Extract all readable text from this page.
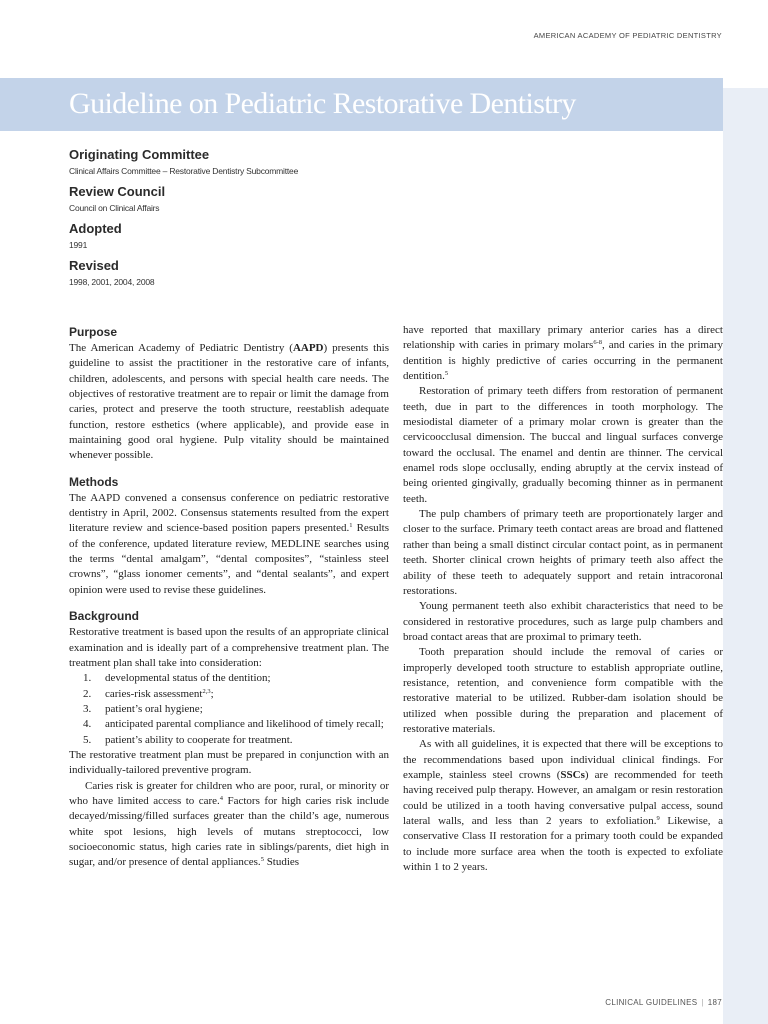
AMERICAN ACADEMY OF PEDIATRIC DENTISTRY
Guideline on Pediatric Restorative Dentistry
Originating Committee
Clinical Affairs Committee – Restorative Dentistry Subcommittee
Review Council
Council on Clinical Affairs
Adopted
1991
Revised
1998, 2001, 2004, 2008
Purpose

The American Academy of Pediatric Dentistry (AAPD) presents this guideline to assist the practitioner in the restorative care of infants, children, adolescents, and persons with special health care needs. The objectives of restorative treatment are to repair or limit the damage from caries, protect and preserve the tooth structure, reestablish adequate function, restore esthetics (where applicable), and provide ease in maintaining good oral hygiene. Pulp vitality should be maintained whenever possible.

Methods

The AAPD convened a consensus conference on pediatric restorative dentistry in April, 2002. Consensus statements resulted from the expert literature review and science-based position papers presented.$^1$ Results of the conference, updated literature review, MEDLINE searches using the terms “dental amalgam”, “dental composites”, “stainless steel crowns”, “glass ionomer cements”, and “dental sealants”, and expert opinion were used to revise these guidelines.

Background

Restorative treatment is based upon the results of an appropriate clinical examination and is ideally part of a comprehensive treatment plan. The treatment plan shall take into consideration:

1.	developmental status of the dentition;
2.	caries-risk assessment$^{2,3}$;
3.	patient’s oral hygiene;
4.	anticipated parental compliance and likelihood of timely recall;
5.	patient’s ability to cooperate for treatment.

The restorative treatment plan must be prepared in conjunction with an individually-tailored preventive program.

Caries risk is greater for children who are poor, rural, or minority or who have limited access to care.$^4$ Factors for high caries risk include decayed/missing/filled surfaces greater than the child’s age, numerous white spot lesions, high levels of mutans streptococci, low socioeconomic status, high caries rate in siblings/parents, diet high in sugar, and/or presence of dental appliances.$^5$ Studies

have reported that maxillary primary anterior caries has a direct relationship with caries in primary molars$^{6-8}$, and caries in the primary dentition is highly predictive of caries occurring in the permanent dentition.$^5$

Restoration of primary teeth differs from restoration of permanent teeth, due in part to the differences in tooth morphology. The mesiodistal diameter of a primary molar crown is greater than the cervicoocclusal dimension. The buccal and lingual surfaces converge toward the occlusal. The enamel and dentin are thinner. The cervical enamel rods slope occlusally, ending abruptly at the cervix instead of being oriented gingivally, gradually becoming thinner as in permanent teeth.

The pulp chambers of primary teeth are proportionately larger and closer to the surface. Primary teeth contact areas are broad and flattened rather than being a small distinct circular contact point, as in permanent teeth. Shorter clinical crown heights of primary teeth also affect the ability of these teeth to adequately support and retain intracoronal restorations.

Young permanent teeth also exhibit characteristics that need to be considered in restorative procedures, such as large pulp chambers and broad contact areas that are proximal to primary teeth.

Tooth preparation should include the removal of caries or improperly developed tooth structure to establish appropriate outline, resistance, retention, and convenience form compatible with the restorative material to be utilized. Rubber-dam isolation should be utilized when possible during the preparation and placement of restorative materials.

As with all guidelines, it is expected that there will be exceptions to the recommendations based upon individual clinical findings. For example, stainless steel crowns (SSCs) are recommended for teeth having received pulp therapy. However, an amalgam or resin restoration could be utilized in a tooth having conversative pulpal access, sound lateral walls, and less than 2 years to exfoliation.$^9$ Likewise, a conservative Class II restoration for a primary tooth could be expanded to include more surface area when the tooth is expected to exfoliate within 1 to 2 years.

CLINICAL GUIDELINES | 187
